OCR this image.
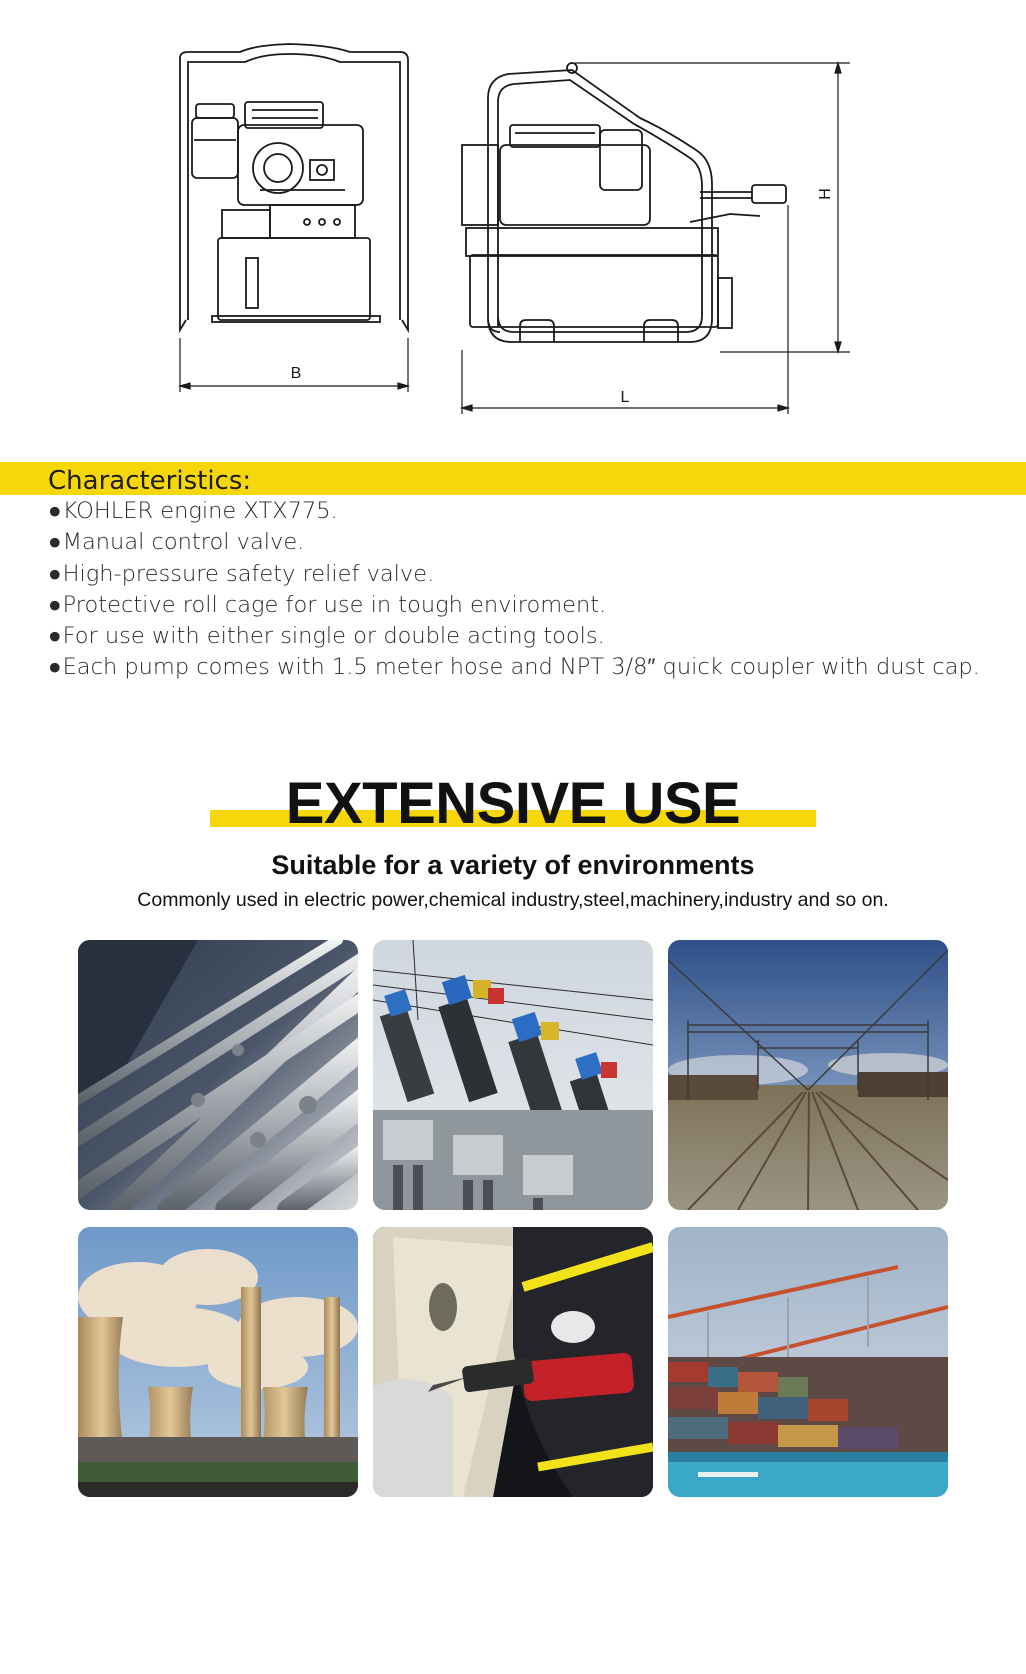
B
L
H
Characteristics:
●KOHLER engine XTX775.
●Manual control valve.
●High-pressure safety relief valve.
●Protective roll cage for use in tough enviroment.
●For use with either single or double acting tools.
●Each pump comes with 1.5 meter hose and NPT 3/8″ quick coupler with dust cap.
EXTENSIVE USE
Suitable for a variety of environments
Commonly used in electric power,chemical industry,steel,machinery,industry and so on.
